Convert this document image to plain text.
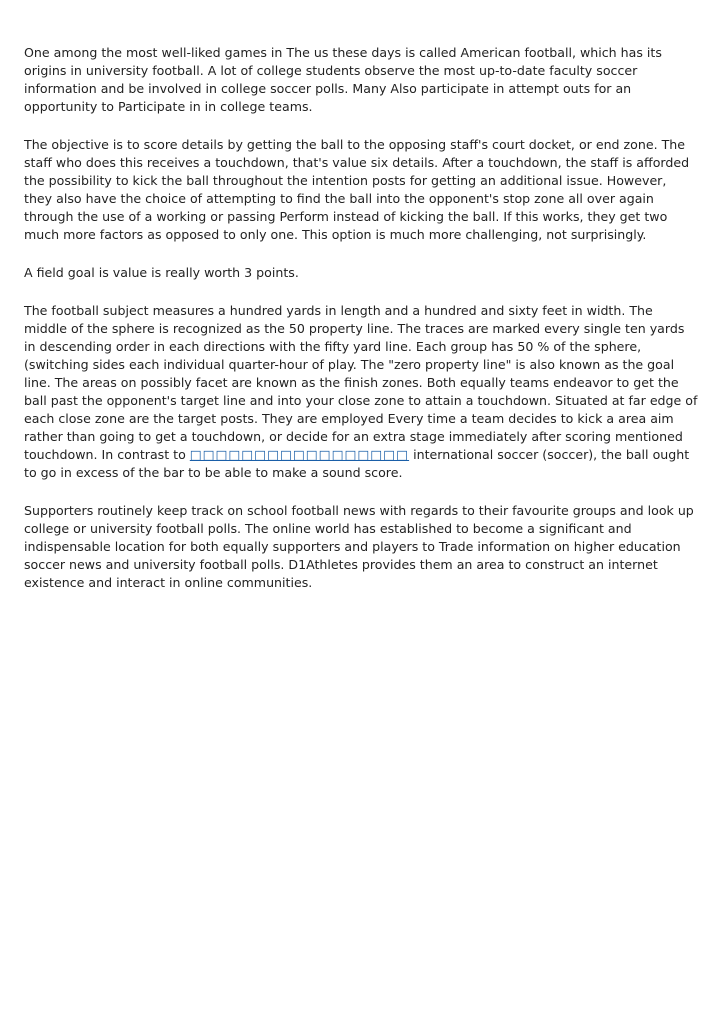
One among the most well-liked games in The us these days is called American football, which has its origins in university football. A lot of college students observe the most up-to-date faculty soccer information and be involved in college soccer polls. Many Also participate in attempt outs for an opportunity to Participate in in college teams.

The objective is to score details by getting the ball to the opposing staff's court docket, or end zone. The staff who does this receives a touchdown, that's value six details. After a touchdown, the staff is afforded the possibility to kick the ball throughout the intention posts for getting an additional issue. However, they also have the choice of attempting to find the ball into the opponent's stop zone all over again through the use of a working or passing Perform instead of kicking the ball. If this works, they get two much more factors as opposed to only one. This option is much more challenging, not surprisingly.

A field goal is value is really worth 3 points.

The football subject measures a hundred yards in length and a hundred and sixty feet in width. The middle of the sphere is recognized as the 50 property line. The traces are marked every single ten yards in descending order in each directions with the fifty yard line. Each group has 50 % of the sphere, (switching sides each individual quarter-hour of play. The "zero property line" is also known as the goal line. The areas on possibly facet are known as the finish zones. Both equally teams endeavor to get the ball past the opponent's target line and into your close zone to attain a touchdown. Situated at far edge of each close zone are the target posts. They are employed Every time a team decides to kick a area aim rather than going to get a touchdown, or decide for an extra stage immediately after scoring mentioned touchdown. In contrast to □□□□□□□□□□□□□□□□□ international soccer (soccer), the ball ought to go in excess of the bar to be able to make a sound score.

Supporters routinely keep track on school football news with regards to their favourite groups and look up college or university football polls. The online world has established to become a significant and indispensable location for both equally supporters and players to Trade information on higher education soccer news and university football polls. D1Athletes provides them an area to construct an internet existence and interact in online communities.
